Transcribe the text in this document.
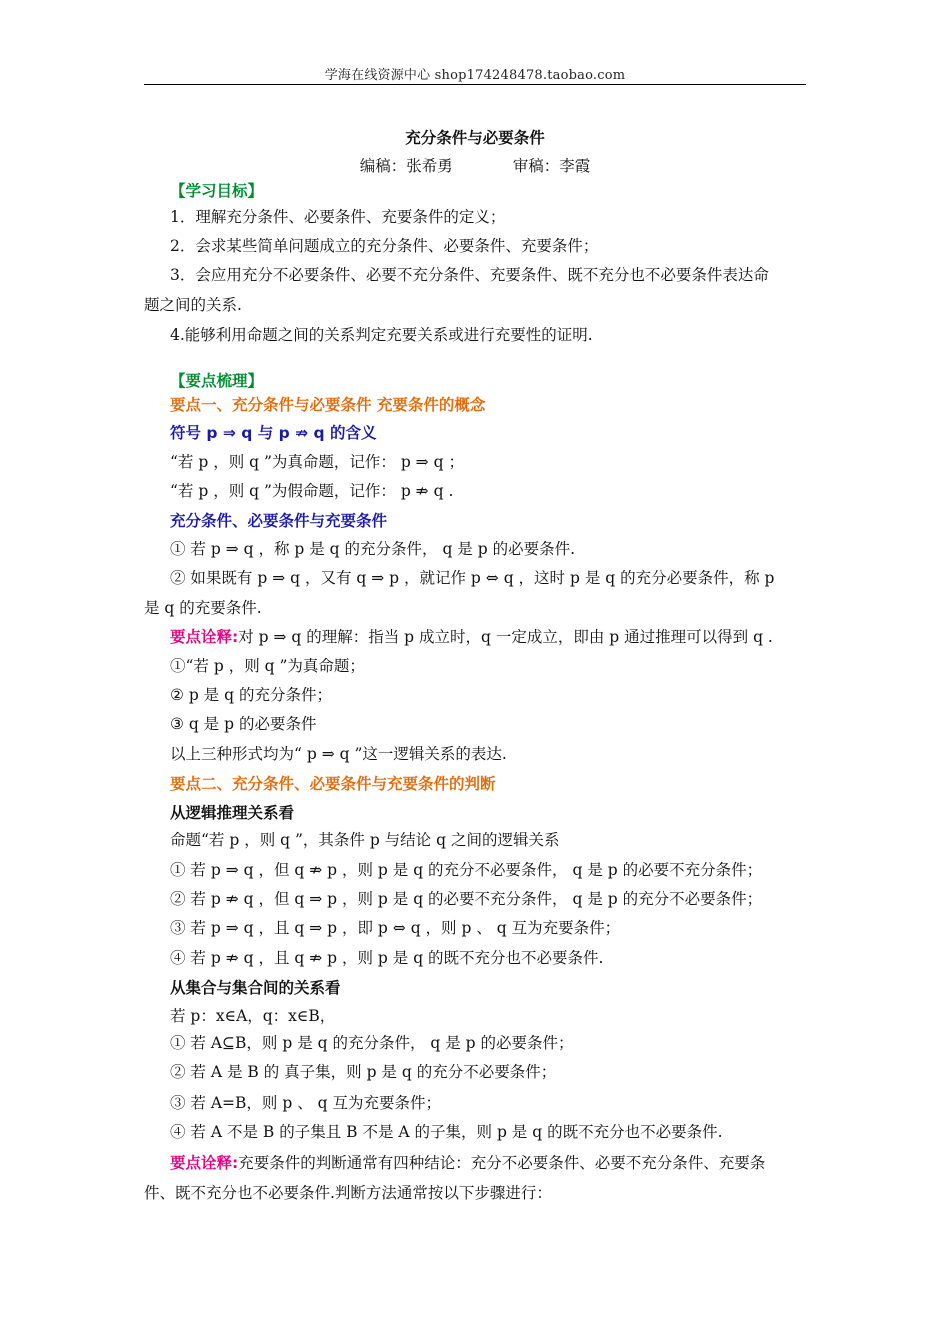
学海在线资源中心 shop174248478.taobao.com
充分条件与必要条件
编稿：张希勇	审稿：李霞
【学习目标】
1．理解充分条件、必要条件、充要条件的定义；
2．会求某些简单问题成立的充分条件、必要条件、充要条件；
3．会应用充分不必要条件、必要不充分条件、充要条件、既不充分也不必要条件表达命
题之间的关系.
4.能够利用命题之间的关系判定充要关系或进行充要性的证明.
【要点梳理】
要点一、充分条件与必要条件 充要条件的概念
符号 p ⇒ q 与 p ⇏ q 的含义
“若 p ，则 q ”为真命题，记作： p ⇒ q ；
“若 p ，则 q ”为假命题，记作： p ⇏ q .
充分条件、必要条件与充要条件
① 若 p ⇒ q ，称 p 是 q 的充分条件， q 是 p 的必要条件.
② 如果既有 p ⇒ q ，又有 q ⇒ p ，就记作 p ⇔ q ，这时 p 是 q 的充分必要条件，称 p
是 q 的充要条件.
要点诠释:对 p ⇒ q 的理解：指当 p 成立时，q 一定成立，即由 p 通过推理可以得到 q .
①“若 p ，则 q ”为真命题；
② p 是 q 的充分条件；
③ q 是 p 的必要条件
以上三种形式均为“ p ⇒ q ”这一逻辑关系的表达.
要点二、充分条件、必要条件与充要条件的判断
从逻辑推理关系看
命题“若 p ，则 q ”，其条件 p 与结论 q 之间的逻辑关系
① 若 p ⇒ q ，但 q ⇏ p ，则 p 是 q 的充分不必要条件， q 是 p 的必要不充分条件；
② 若 p ⇏ q ，但 q ⇒ p ，则 p 是 q 的必要不充分条件， q 是 p 的充分不必要条件；
③ 若 p ⇒ q ，且 q ⇒ p ，即 p ⇔ q ，则 p 、 q 互为充要条件；
④ 若 p ⇏ q ，且 q ⇏ p ，则 p 是 q 的既不充分也不必要条件.
从集合与集合间的关系看
若 p：x∈A，q：x∈B，
① 若 A⊆B，则 p 是 q 的充分条件， q 是 p 的必要条件；
② 若 A 是 B 的 真子集，则 p 是 q 的充分不必要条件；
③ 若 A=B，则 p 、 q 互为充要条件；
④ 若 A 不是 B 的子集且 B 不是 A 的子集，则 p 是 q 的既不充分也不必要条件.
要点诠释:充要条件的判断通常有四种结论：充分不必要条件、必要不充分条件、充要条
件、既不充分也不必要条件.判断方法通常按以下步骤进行：
